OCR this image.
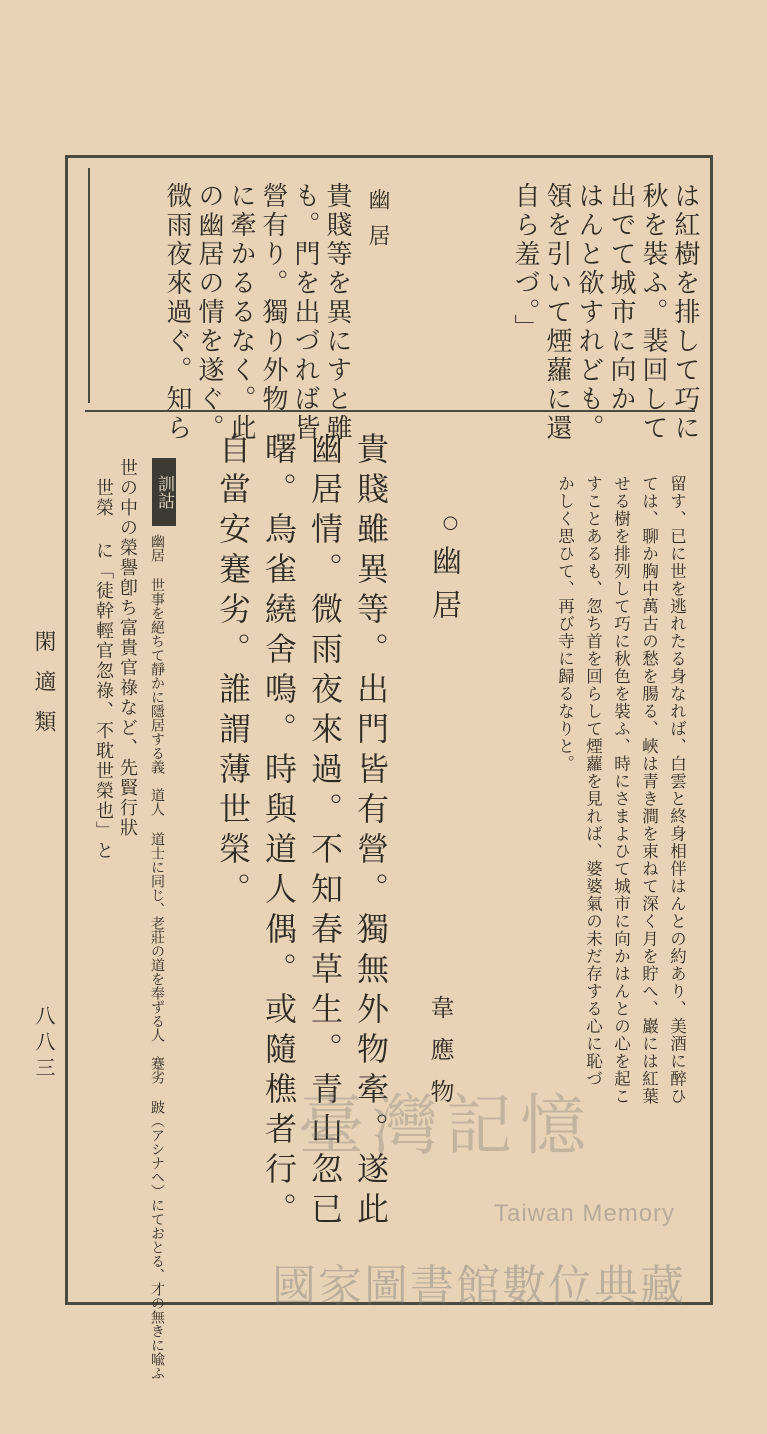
閑適類
八八三
は紅樹を排して巧に
秋を裝ふ。裴回して
出でて城市に向か
はんと欲すれども。
領を引いて煙蘿に還
自ら羞づ。」
幽居
貴賤等を異にすと雖
も。門を出づれば皆
營有り。獨り外物
に牽かるるなく。此
の幽居の情を遂ぐ。
微雨夜來過ぐ。知ら
留す、已に世を逃れたる身なれば、白雲と終身相伴はんとの約あり、美酒に醉ひ
ては、聊か胸中萬古の愁を腸る、峽は青き澗を束ねて深く月を貯へ、巖には紅葉
せる樹を排列して巧に秋色を裝ふ、時にさまよひて城市に向かはんとの心を起こ
すことあるも、忽ち首を回らして煙蘿を見れば、婆婆氣の未だ存する心に恥づ
かしく思ひて、再び寺に歸るなりと。
○
幽居
韋應物
貴賤雖異等。出門皆有營。獨無外物牽。遂此
幽居情。微雨夜來過。不知春草生。青山忽已
曙。鳥雀繞舍鳴。時與道人偶。或隨樵者行。
自當安蹇劣。誰謂薄世榮。
訓詁
幽居 世事を絕ちて靜かに隱居する義　道人 道士に同じ、老莊の道を奉ずる人　蹇劣 跛（アシナヘ）にておとる、才の無きに喩ふ
世の中の榮譽卽ち富貴官祿など、先賢行狀
世榮 に「徒幹輕官忽祿、不耽世榮也」と
臺灣記憶
Taiwan Memory
國家圖書館數位典藏
